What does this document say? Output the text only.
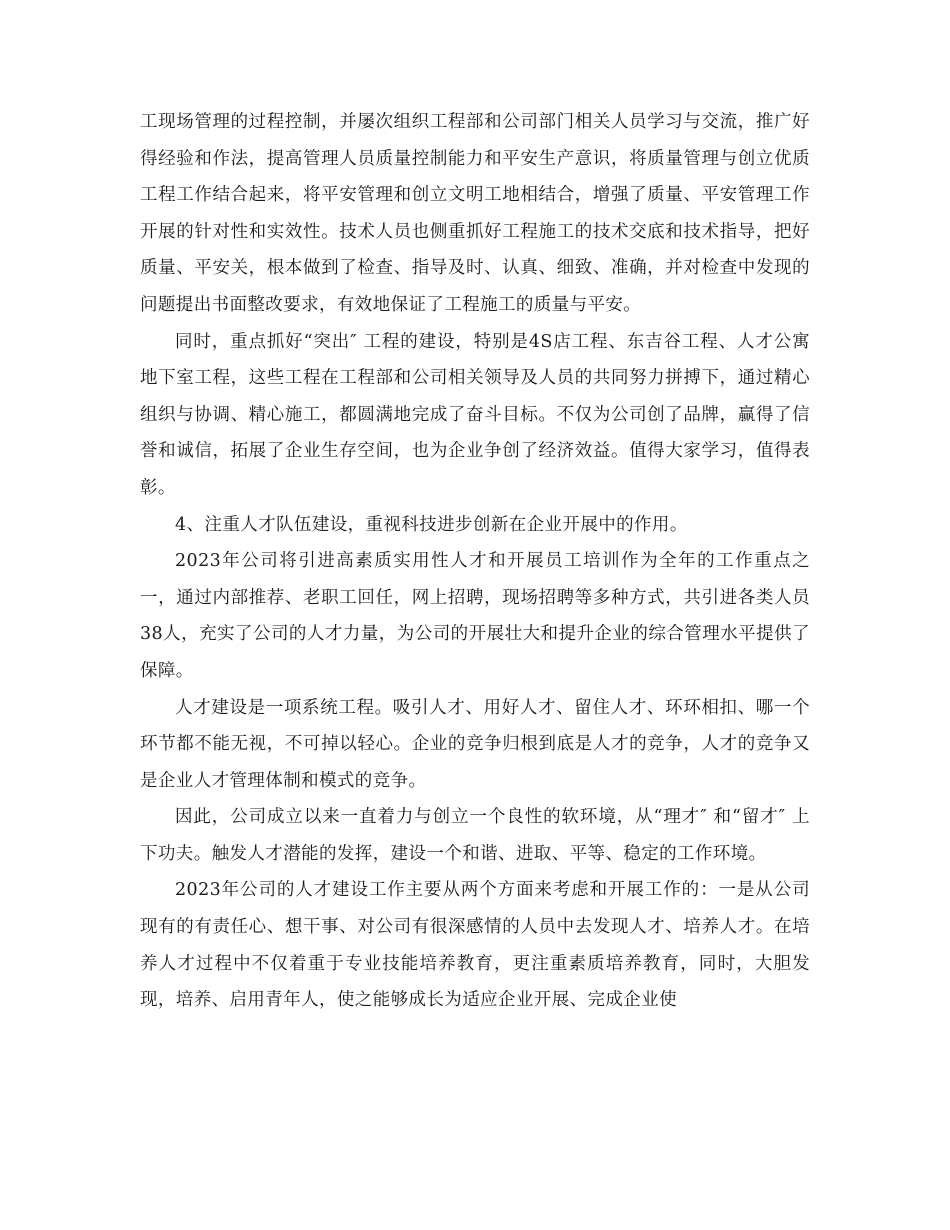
工现场管理的过程控制，并屡次组织工程部和公司部门相关人员学习与交流，推广好得经验和作法，提高管理人员质量控制能力和平安生产意识，将质量管理与创立优质工程工作结合起来，将平安管理和创立文明工地相结合，增强了质量、平安管理工作开展的针对性和实效性。技术人员也侧重抓好工程施工的技术交底和技术指导，把好质量、平安关，根本做到了检查、指导及时、认真、细致、准确，并对检查中发现的问题提出书面整改要求，有效地保证了工程施工的质量与平安。

同时，重点抓好“突出″ 工程的建设，特别是4S店工程、东吉谷工程、人才公寓地下室工程，这些工程在工程部和公司相关领导及人员的共同努力拼搏下，通过精心组织与协调、精心施工，都圆满地完成了奋斗目标。不仅为公司创了品牌，赢得了信誉和诚信，拓展了企业生存空间，也为企业争创了经济效益。值得大家学习，值得表彰。

4、注重人才队伍建设，重视科技进步创新在企业开展中的作用。

2023年公司将引进高素质实用性人才和开展员工培训作为全年的工作重点之一，通过内部推荐、老职工回任，网上招聘，现场招聘等多种方式，共引进各类人员38人，充实了公司的人才力量，为公司的开展壮大和提升企业的综合管理水平提供了保障。

人才建设是一项系统工程。吸引人才、用好人才、留住人才、环环相扣、哪一个环节都不能无视，不可掉以轻心。企业的竞争归根到底是人才的竞争，人才的竞争又是企业人才管理体制和模式的竞争。

因此，公司成立以来一直着力与创立一个良性的软环境，从“理才″ 和“留才″ 上下功夫。触发人才潜能的发挥，建设一个和谐、进取、平等、稳定的工作环境。

2023年公司的人才建设工作主要从两个方面来考虑和开展工作的：一是从公司现有的有责任心、想干事、对公司有很深感情的人员中去发现人才、培养人才。在培养人才过程中不仅着重于专业技能培养教育，更注重素质培养教育，同时，大胆发现，培养、启用青年人，使之能够成长为适应企业开展、完成企业使
